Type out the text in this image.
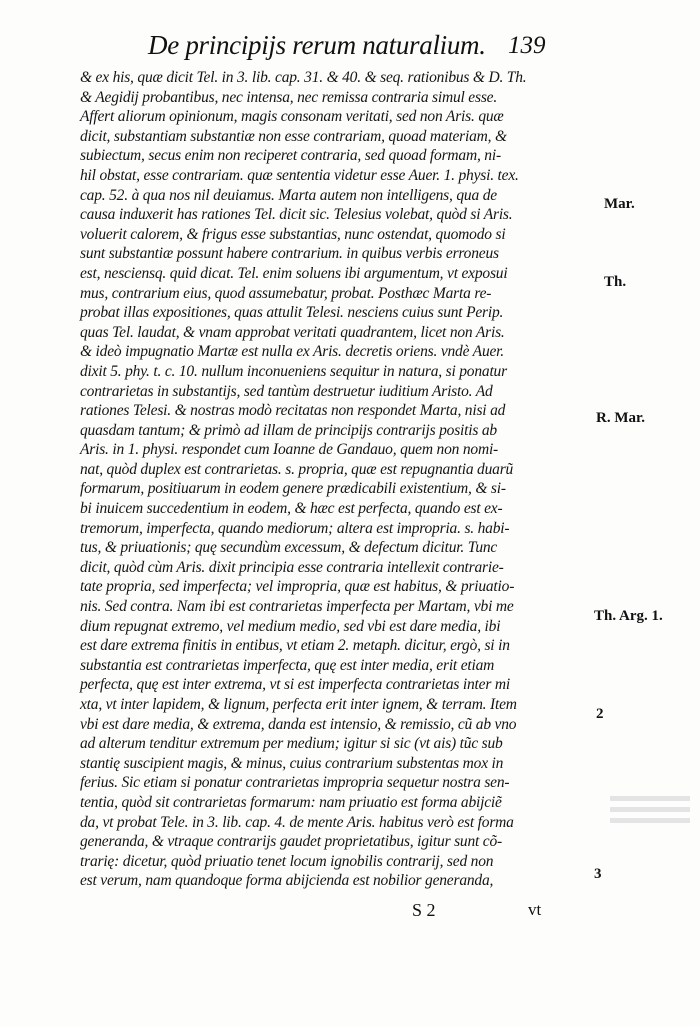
De principijs rerum naturalium. 139
& ex his, quæ dicit Tel. in 3. lib. cap. 31. & 40. & seq. rationibus & D. Th.
& Aegidij probantibus, nec intensa, nec remissa contraria simul esse.
Affert aliorum opinionum, magis consonam veritati, sed non Aris. quæ
dicit, substantiam substantiæ non esse contrariam, quoad materiam, &
subiectum, secus enim non reciperet contraria, sed quoad formam, ni-
hil obstat, esse contrariam. quæ sententia videtur esse Auer. 1. physi. tex.
cap. 52. à qua nos nil deuiamus. Marta autem non intelligens, qua de
causa induxerit has rationes Tel. dicit sic. Telesius volebat, quòd si Aris.
voluerit calorem, & frigus esse substantias, nunc ostendat, quomodo si
sunt substantiæ possunt habere contrarium. in quibus verbis erroneus
est, nesciensq. quid dicat. Tel. enim soluens ibi argumentum, vt exposui
mus, contrarium eius, quod assumebatur, probat. Posthæc Marta re-
probat illas expositiones, quas attulit Telesi. nesciens cuius sunt Perip.
quas Tel. laudat, & vnam approbat veritati quadrantem, licet non Aris.
& ideò impugnatio Martæ est nulla ex Aris. decretis oriens. vndè Auer.
dixit 5. phy. t. c. 10. nullum inconueniens sequitur in natura, si ponatur
contrarietas in substantijs, sed tantùm destruetur iuditium Aristo. Ad
rationes Telesi. & nostras modò recitatas non respondet Marta, nisi ad
quasdam tantum; & primò ad illam de principijs contrarijs positis ab
Aris. in 1. physi. respondet cum Ioanne de Gandauo, quem non nomi-
nat, quòd duplex est contrarietas. s. propria, quæ est repugnantia duarũ
formarum, positiuarum in eodem genere prædicabili existentium, & si-
bi inuicem succedentium in eodem, & hæc est perfecta, quando est ex-
tremorum, imperfecta, quando mediorum; altera est impropria. s. habi-
tus, & priuationis; quę secundùm excessum, & defectum dicitur. Tunc
dicit, quòd cùm Aris. dixit principia esse contraria intellexit contrarie-
tate propria, sed imperfecta; vel impropria, quæ est habitus, & priuatio-
nis. Sed contra. Nam ibi est contrarietas imperfecta per Martam, vbi me
dium repugnat extremo, vel medium medio, sed vbi est dare media, ibi
est dare extrema finitis in entibus, vt etiam 2. metaph. dicitur, ergò, si in
substantia est contrarietas imperfecta, quę est inter media, erit etiam
perfecta, quę est inter extrema, vt si est imperfecta contrarietas inter mi
xta, vt inter lapidem, & lignum, perfecta erit inter ignem, & terram. Item
vbi est dare media, & extrema, danda est intensio, & remissio, cũ ab vno
ad alterum tenditur extremum per medium; igitur si sic (vt ais) tũc sub
stantię suscipient magis, & minus, cuius contrarium substentas mox in
ferius. Sic etiam si ponatur contrarietas impropria sequetur nostra sen-
tentia, quòd sit contrarietas formarum: nam priuatio est forma abijciẽ
da, vt probat Tele. in 3. lib. cap. 4. de mente Aris. habitus verò est forma
generanda, & vtraque contrarijs gaudet proprietatibus, igitur sunt cõ-
trarię: dicetur, quòd priuatio tenet locum ignobilis contrarij, sed non
est verum, nam quandoque forma abijcienda est nobilior generanda,
Mar.
Th.
R. Mar.
Th. Arg. 1.
2
3
S 2	vt
